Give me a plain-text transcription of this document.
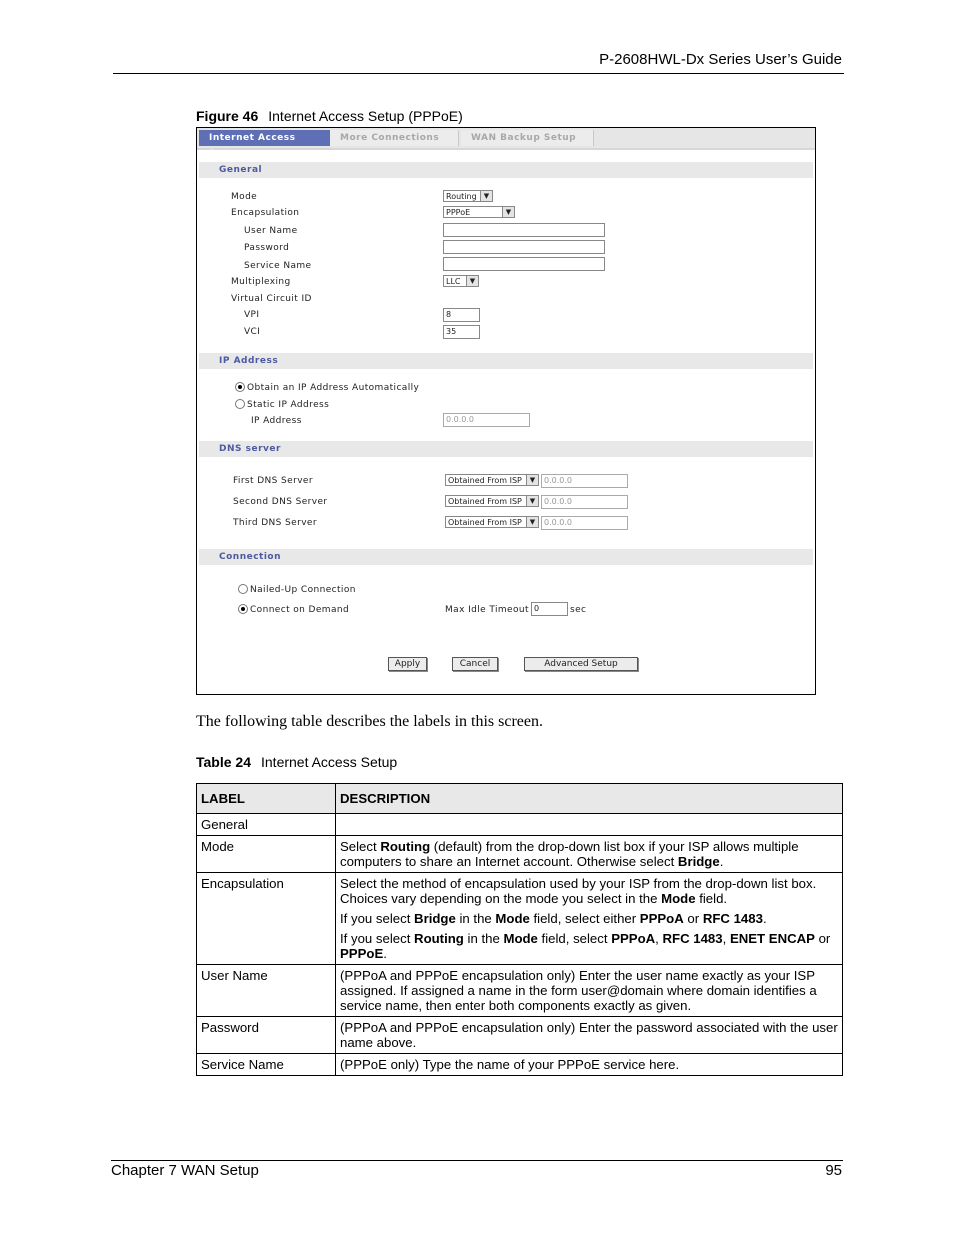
P-2608HWL-Dx Series User’s Guide
Figure 46 Internet Access Setup (PPPoE)
Internet Access Setup
More Connections	WAN Backup Setup
General
Mode	Routing	▼
Encapsulation	PPPoE	▼
User Name
Password
Service Name
Multiplexing	LLC	▼
Virtual Circuit ID
VPI	8
VCI	35
IP Address
Obtain an IP Address Automatically
Static IP Address
IP Address	0.0.0.0
DNS server
First DNS Server	Obtained From ISP	▼	0.0.0.0
Second DNS Server	Obtained From ISP	▼	0.0.0.0
Third DNS Server	Obtained From ISP	▼	0.0.0.0
Connection
Nailed-Up Connection
Connect on Demand	Max Idle Timeout 0	sec
Apply	Cancel	Advanced Setup
The following table describes the labels in this screen.
Table 24 Internet Access Setup
LABEL	DESCRIPTION
General	
Mode	Select Routing (default) from the drop-down list box if your ISP allows multiple computers to share an Internet account. Otherwise select Bridge.

Encapsulation	Select the method of encapsulation used by your ISP from the drop-down list box. Choices vary depending on the mode you select in the Mode field.

If you select Bridge in the Mode field, select either PPPoA or RFC 1483.

If you select Routing in the Mode field, select PPPoA, RFC 1483, ENET ENCAP or PPPoE.

User Name	(PPPoA and PPPoE encapsulation only) Enter the user name exactly as your ISP assigned. If assigned a name in the form user@domain where domain identifies a service name, then enter both components exactly as given.

Password	(PPPoA and PPPoE encapsulation only) Enter the password associated with the user name above.

Service Name	(PPPoE only) Type the name of your PPPoE service here.

Chapter 7 WAN Setup	95
